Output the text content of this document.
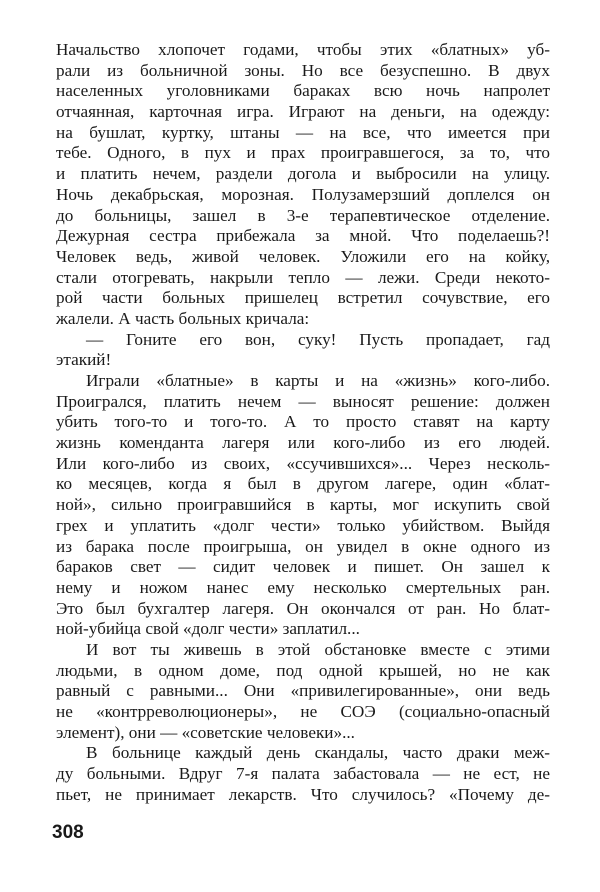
Начальство хлопочет годами, чтобы этих «блатных» уб-
рали из больничной зоны. Но все безуспешно. В двух
населенных уголовниками бараках всю ночь напролет
отчаянная, карточная игра. Играют на деньги, на одежду:
на бушлат, куртку, штаны — на все, что имеется при
тебе. Одного, в пух и прах проигравшегося, за то, что
и платить нечем, раздели догола и выбросили на улицу.
Ночь декабрьская, морозная. Полузамерзший доплелся он
до больницы, зашел в 3-е терапевтическое отделение.
Дежурная сестра прибежала за мной. Что поделаешь?!
Человек ведь, живой человек. Уложили его на койку,
стали отогревать, накрыли тепло — лежи. Среди некото-
рой части больных пришелец встретил сочувствие, его
жалели. А часть больных кричала:
— Гоните его вон, суку! Пусть пропадает, гад
этакий!
Играли «блатные» в карты и на «жизнь» кого-либо.
Проигрался, платить нечем — выносят решение: должен
убить того-то и того-то. А то просто ставят на карту
жизнь коменданта лагеря или кого-либо из его людей.
Или кого-либо из своих, «ссучившихся»... Через несколь-
ко месяцев, когда я был в другом лагере, один «блат-
ной», сильно проигравшийся в карты, мог искупить свой
грех и уплатить «долг чести» только убийством. Выйдя
из барака после проигрыша, он увидел в окне одного из
бараков свет — сидит человек и пишет. Он зашел к
нему и ножом нанес ему несколько смертельных ран.
Это был бухгалтер лагеря. Он окончался от ран. Но блат-
ной-убийца свой «долг чести» заплатил...
И вот ты живешь в этой обстановке вместе с этими
людьми, в одном доме, под одной крышей, но не как
равный с равными... Они «привилегированные», они ведь
не «контрреволюционеры», не СОЭ (социально-опасный
элемент), они — «советские человеки»...
В больнице каждый день скандалы, часто драки меж-
ду больными. Вдруг 7-я палата забастовала — не ест, не
пьет, не принимает лекарств. Что случилось? «Почему де-
308
